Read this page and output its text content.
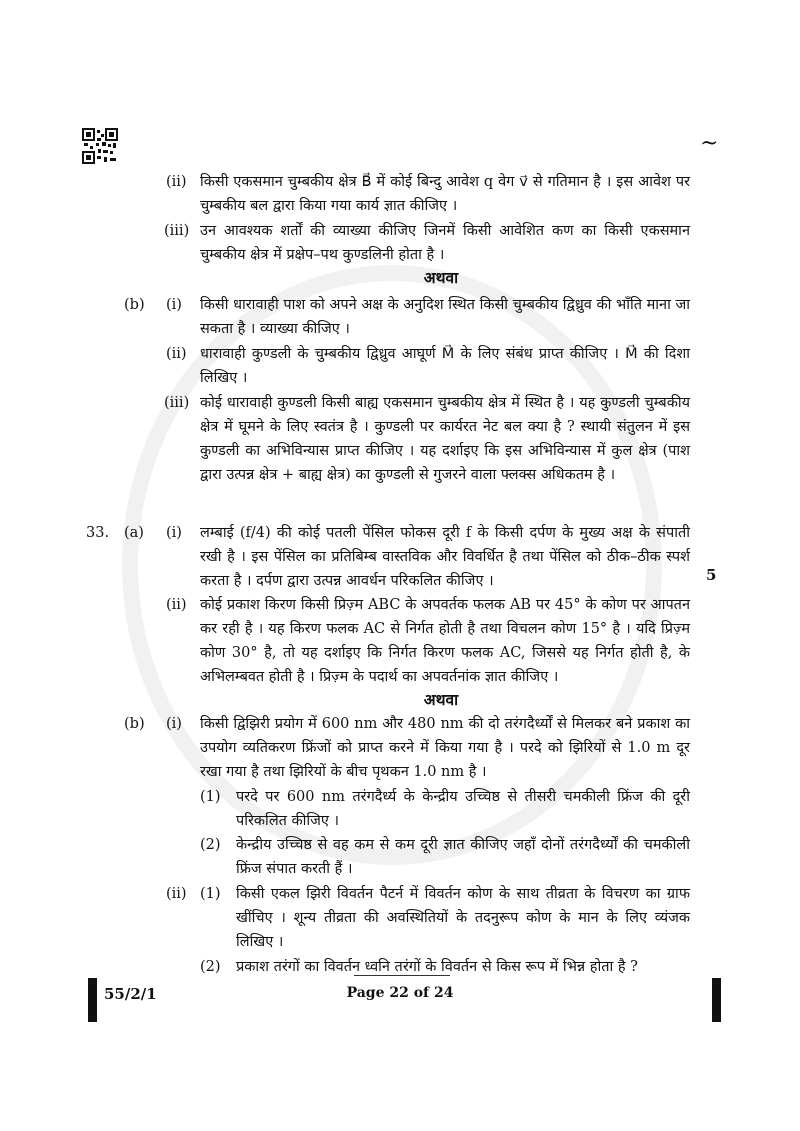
~
(ii) किसी एकसमान चुम्बकीय क्षेत्र B⃗ में कोई बिन्दु आवेश q वेग v⃗ से गतिमान है । इस आवेश पर चुम्बकीय बल द्वारा किया गया कार्य ज्ञात कीजिए ।
(iii) उन आवश्यक शर्तों की व्याख्या कीजिए जिनमें किसी आवेशित कण का किसी एकसमान चुम्बकीय क्षेत्र में प्रक्षेप–पथ कुण्डलिनी होता है ।
अथवा
(b) (i) किसी धारावाही पाश को अपने अक्ष के अनुदिश स्थित किसी चुम्बकीय द्विध्रुव की भाँति माना जा सकता है । व्याख्या कीजिए ।
(ii) धारावाही कुण्डली के चुम्बकीय द्विध्रुव आघूर्ण M⃗ के लिए संबंध प्राप्त कीजिए । M⃗ की दिशा लिखिए ।
(iii) कोई धारावाही कुण्डली किसी बाह्य एकसमान चुम्बकीय क्षेत्र में स्थित है । यह कुण्डली चुम्बकीय क्षेत्र में घूमने के लिए स्वतंत्र है । कुण्डली पर कार्यरत नेट बल क्या है ? स्थायी संतुलन में इस कुण्डली का अभिविन्यास प्राप्त कीजिए । यह दर्शाइए कि इस अभिविन्यास में कुल क्षेत्र (पाश द्वारा उत्पन्न क्षेत्र + बाह्य क्षेत्र) का कुण्डली से गुजरने वाला फ्लक्स अधिकतम है ।
33. (a) (i) लम्बाई (f/4) की कोई पतली पेंसिल फोकस दूरी f के किसी दर्पण के मुख्य अक्ष के संपाती रखी है । इस पेंसिल का प्रतिबिम्ब वास्तविक और विवर्धित है तथा पेंसिल को ठीक–ठीक स्पर्श करता है । दर्पण द्वारा उत्पन्न आवर्धन परिकलित कीजिए ।	5
(ii) कोई प्रकाश किरण किसी प्रिज़्म ABC के अपवर्तक फलक AB पर 45° के कोण पर आपतन कर रही है । यह किरण फलक AC से निर्गत होती है तथा विचलन कोण 15° है । यदि प्रिज़्म कोण 30° है, तो यह दर्शाइए कि निर्गत किरण फलक AC, जिससे यह निर्गत होती है, के अभिलम्बवत होती है । प्रिज़्म के पदार्थ का अपवर्तनांक ज्ञात कीजिए ।
अथवा
(b) (i) किसी द्विझिरी प्रयोग में 600 nm और 480 nm की दो तरंगदैर्ध्यों से मिलकर बने प्रकाश का उपयोग व्यतिकरण फ्रिंजों को प्राप्त करने में किया गया है । परदे को झिरियों से 1.0 m दूर रखा गया है तथा झिरियों के बीच पृथकन 1.0 nm है ।
(1) परदे पर 600 nm तरंगदैर्ध्य के केन्द्रीय उच्चिष्ठ से तीसरी चमकीली फ्रिंज की दूरी परिकलित कीजिए ।
(2) केन्द्रीय उच्चिष्ठ से वह कम से कम दूरी ज्ञात कीजिए जहाँ दोनों तरंगदैर्ध्यों की चमकीली फ्रिंज संपात करती हैं ।
(ii) (1) किसी एकल झिरी विवर्तन पैटर्न में विवर्तन कोण के साथ तीव्रता के विचरण का ग्राफ खींचिए । शून्य तीव्रता की अवस्थितियों के तदनुरूप कोण के मान के लिए व्यंजक लिखिए ।
(2) प्रकाश तरंगों का विवर्तन ध्वनि तरंगों के विवर्तन से किस रूप में भिन्न होता है ?
55/2/1	Page 22 of 24
